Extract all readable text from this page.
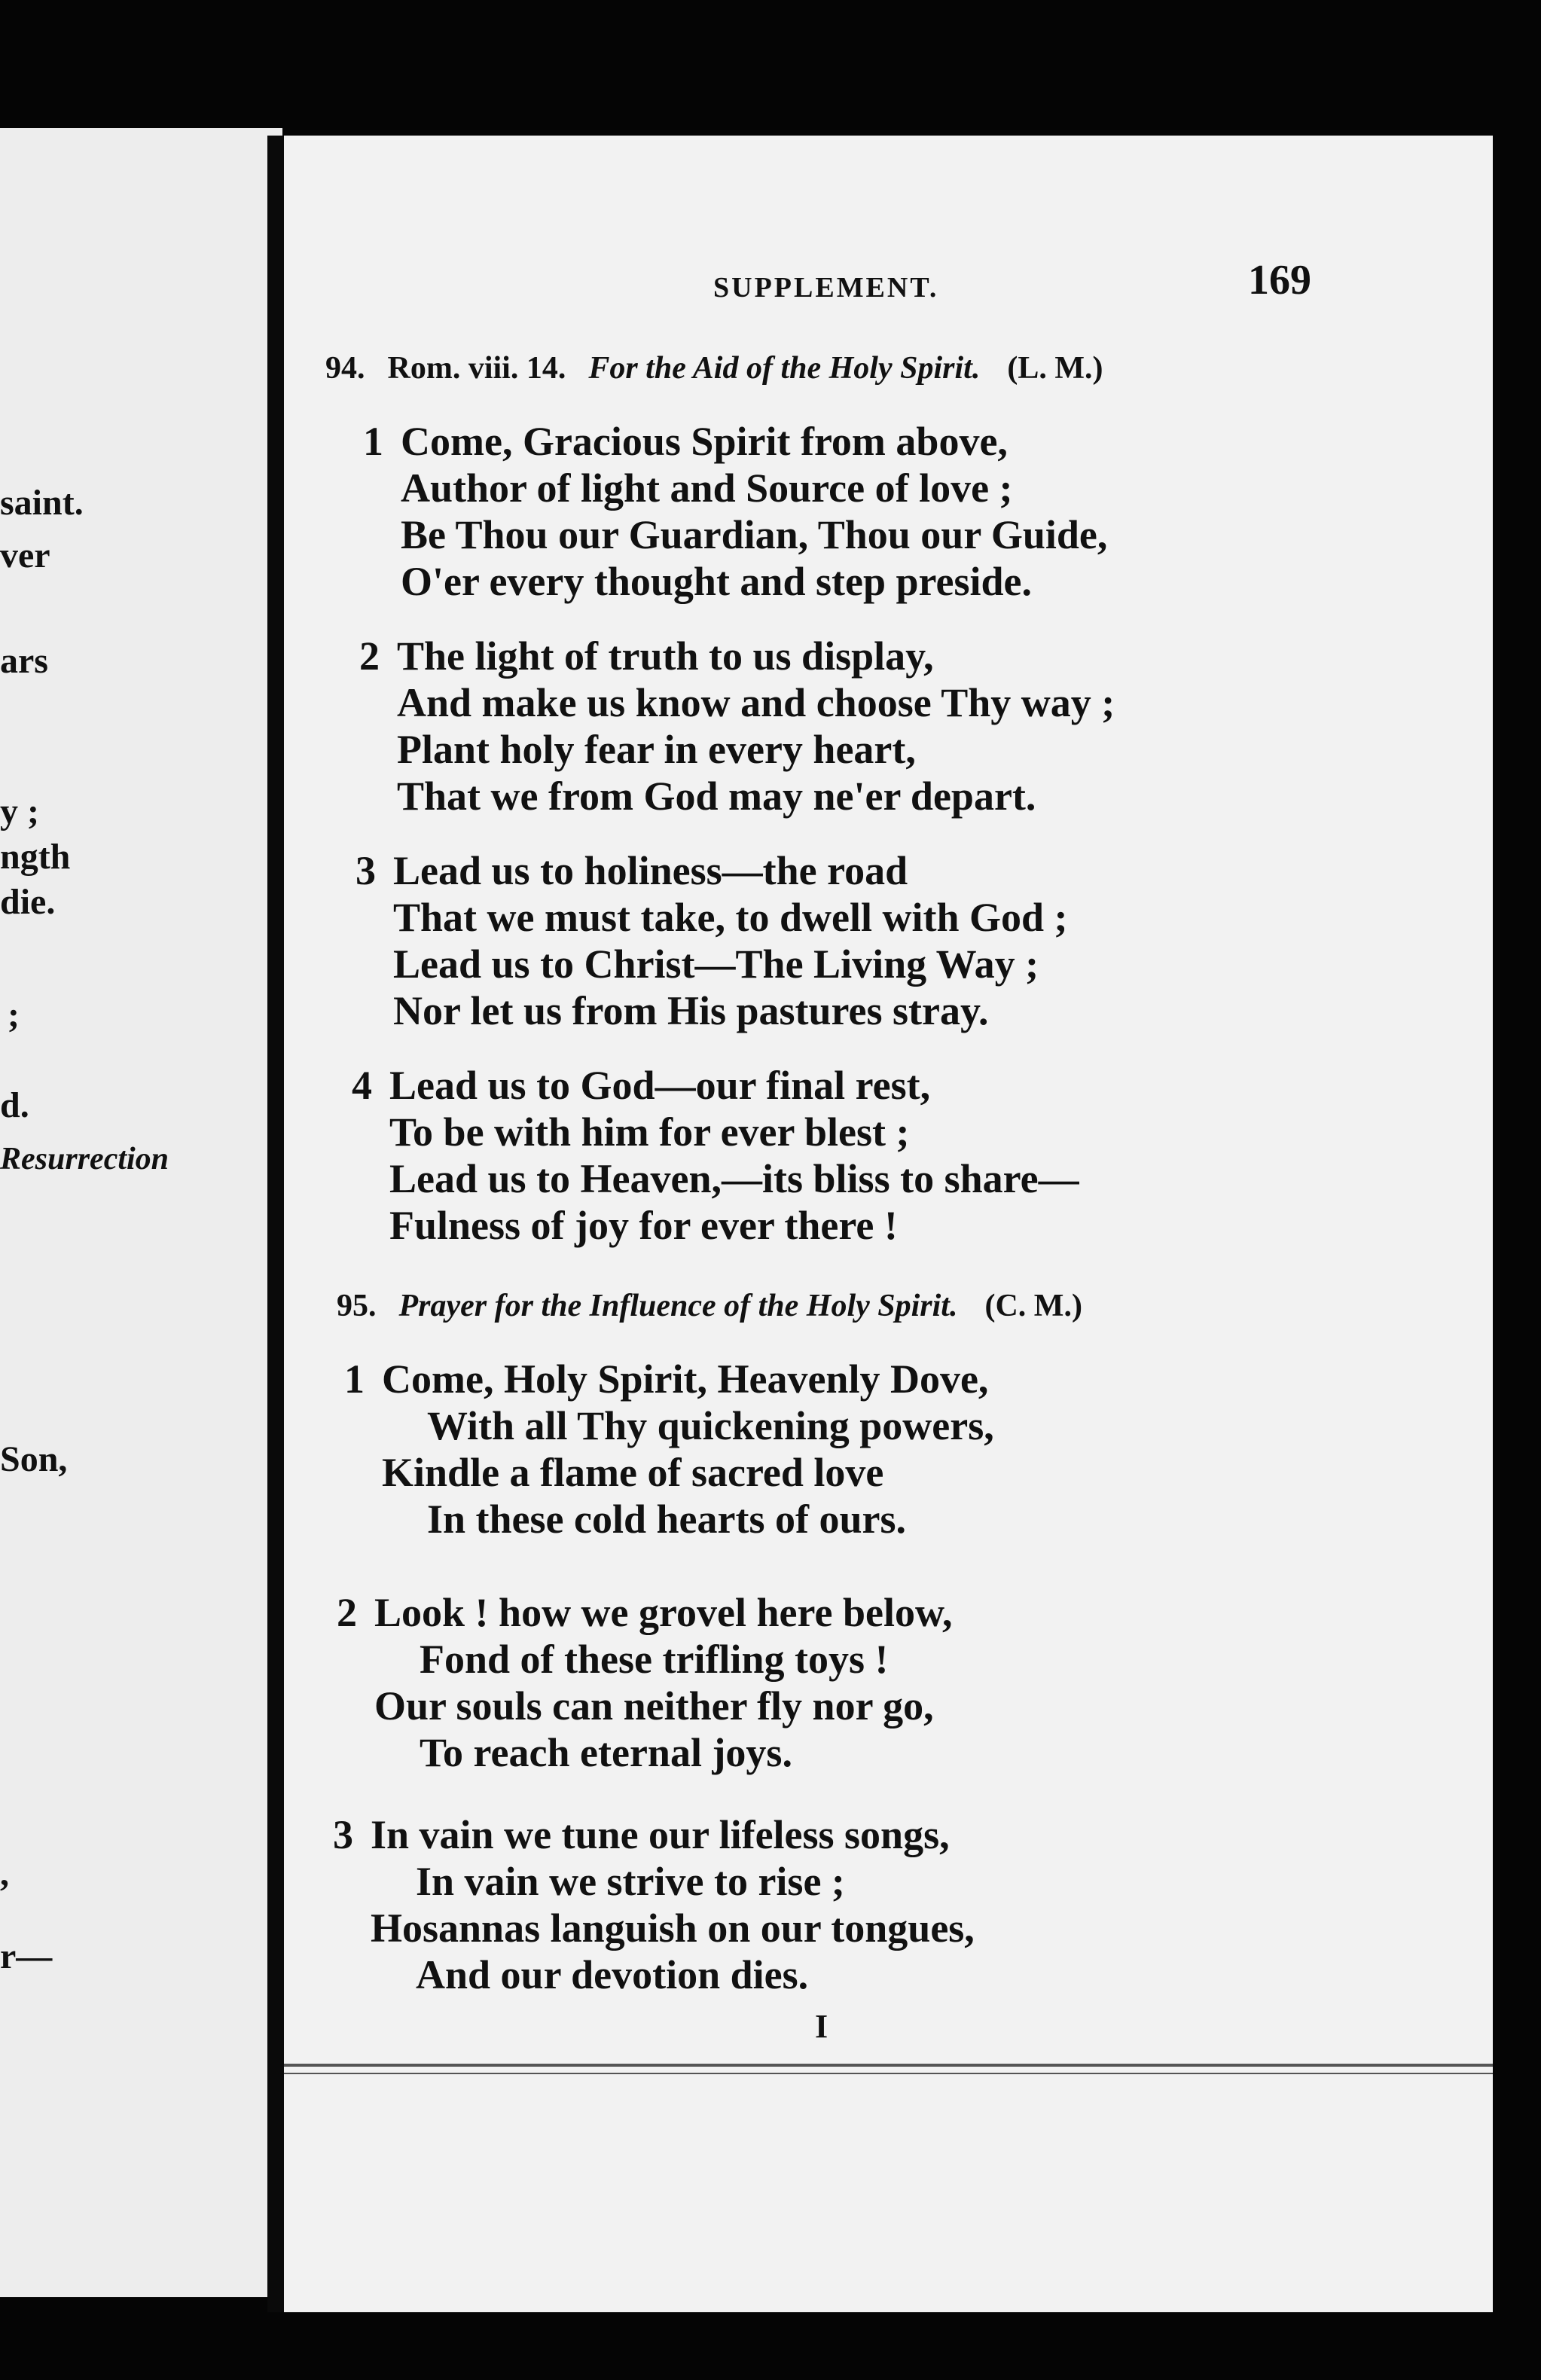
saint.
ver
ars
y ;
ngth
die.
;
d.
Resurrection
Son,
,
r—
SUPPLEMENT.	169
94. Rom. viii. 14. For the Aid of the Holy Spirit. (L. M.)
1 Come, Gracious Spirit from above,
Author of light and Source of love ;
Be Thou our Guardian, Thou our Guide,
O'er every thought and step preside.
2 The light of truth to us display,
And make us know and choose Thy way ;
Plant holy fear in every heart,
That we from God may ne'er depart.
3 Lead us to holiness—the road
That we must take, to dwell with God ;
Lead us to Christ—The Living Way ;
Nor let us from His pastures stray.
4 Lead us to God—our final rest,
To be with him for ever blest ;
Lead us to Heaven,—its bliss to share—
Fulness of joy for ever there !
95. Prayer for the Influence of the Holy Spirit. (C. M.)
1 Come, Holy Spirit, Heavenly Dove,
With all Thy quickening powers,
Kindle a flame of sacred love
In these cold hearts of ours.
2 Look ! how we grovel here below,
Fond of these trifling toys !
Our souls can neither fly nor go,
To reach eternal joys.
3 In vain we tune our lifeless songs,
In vain we strive to rise ;
Hosannas languish on our tongues,
And our devotion dies.
I
